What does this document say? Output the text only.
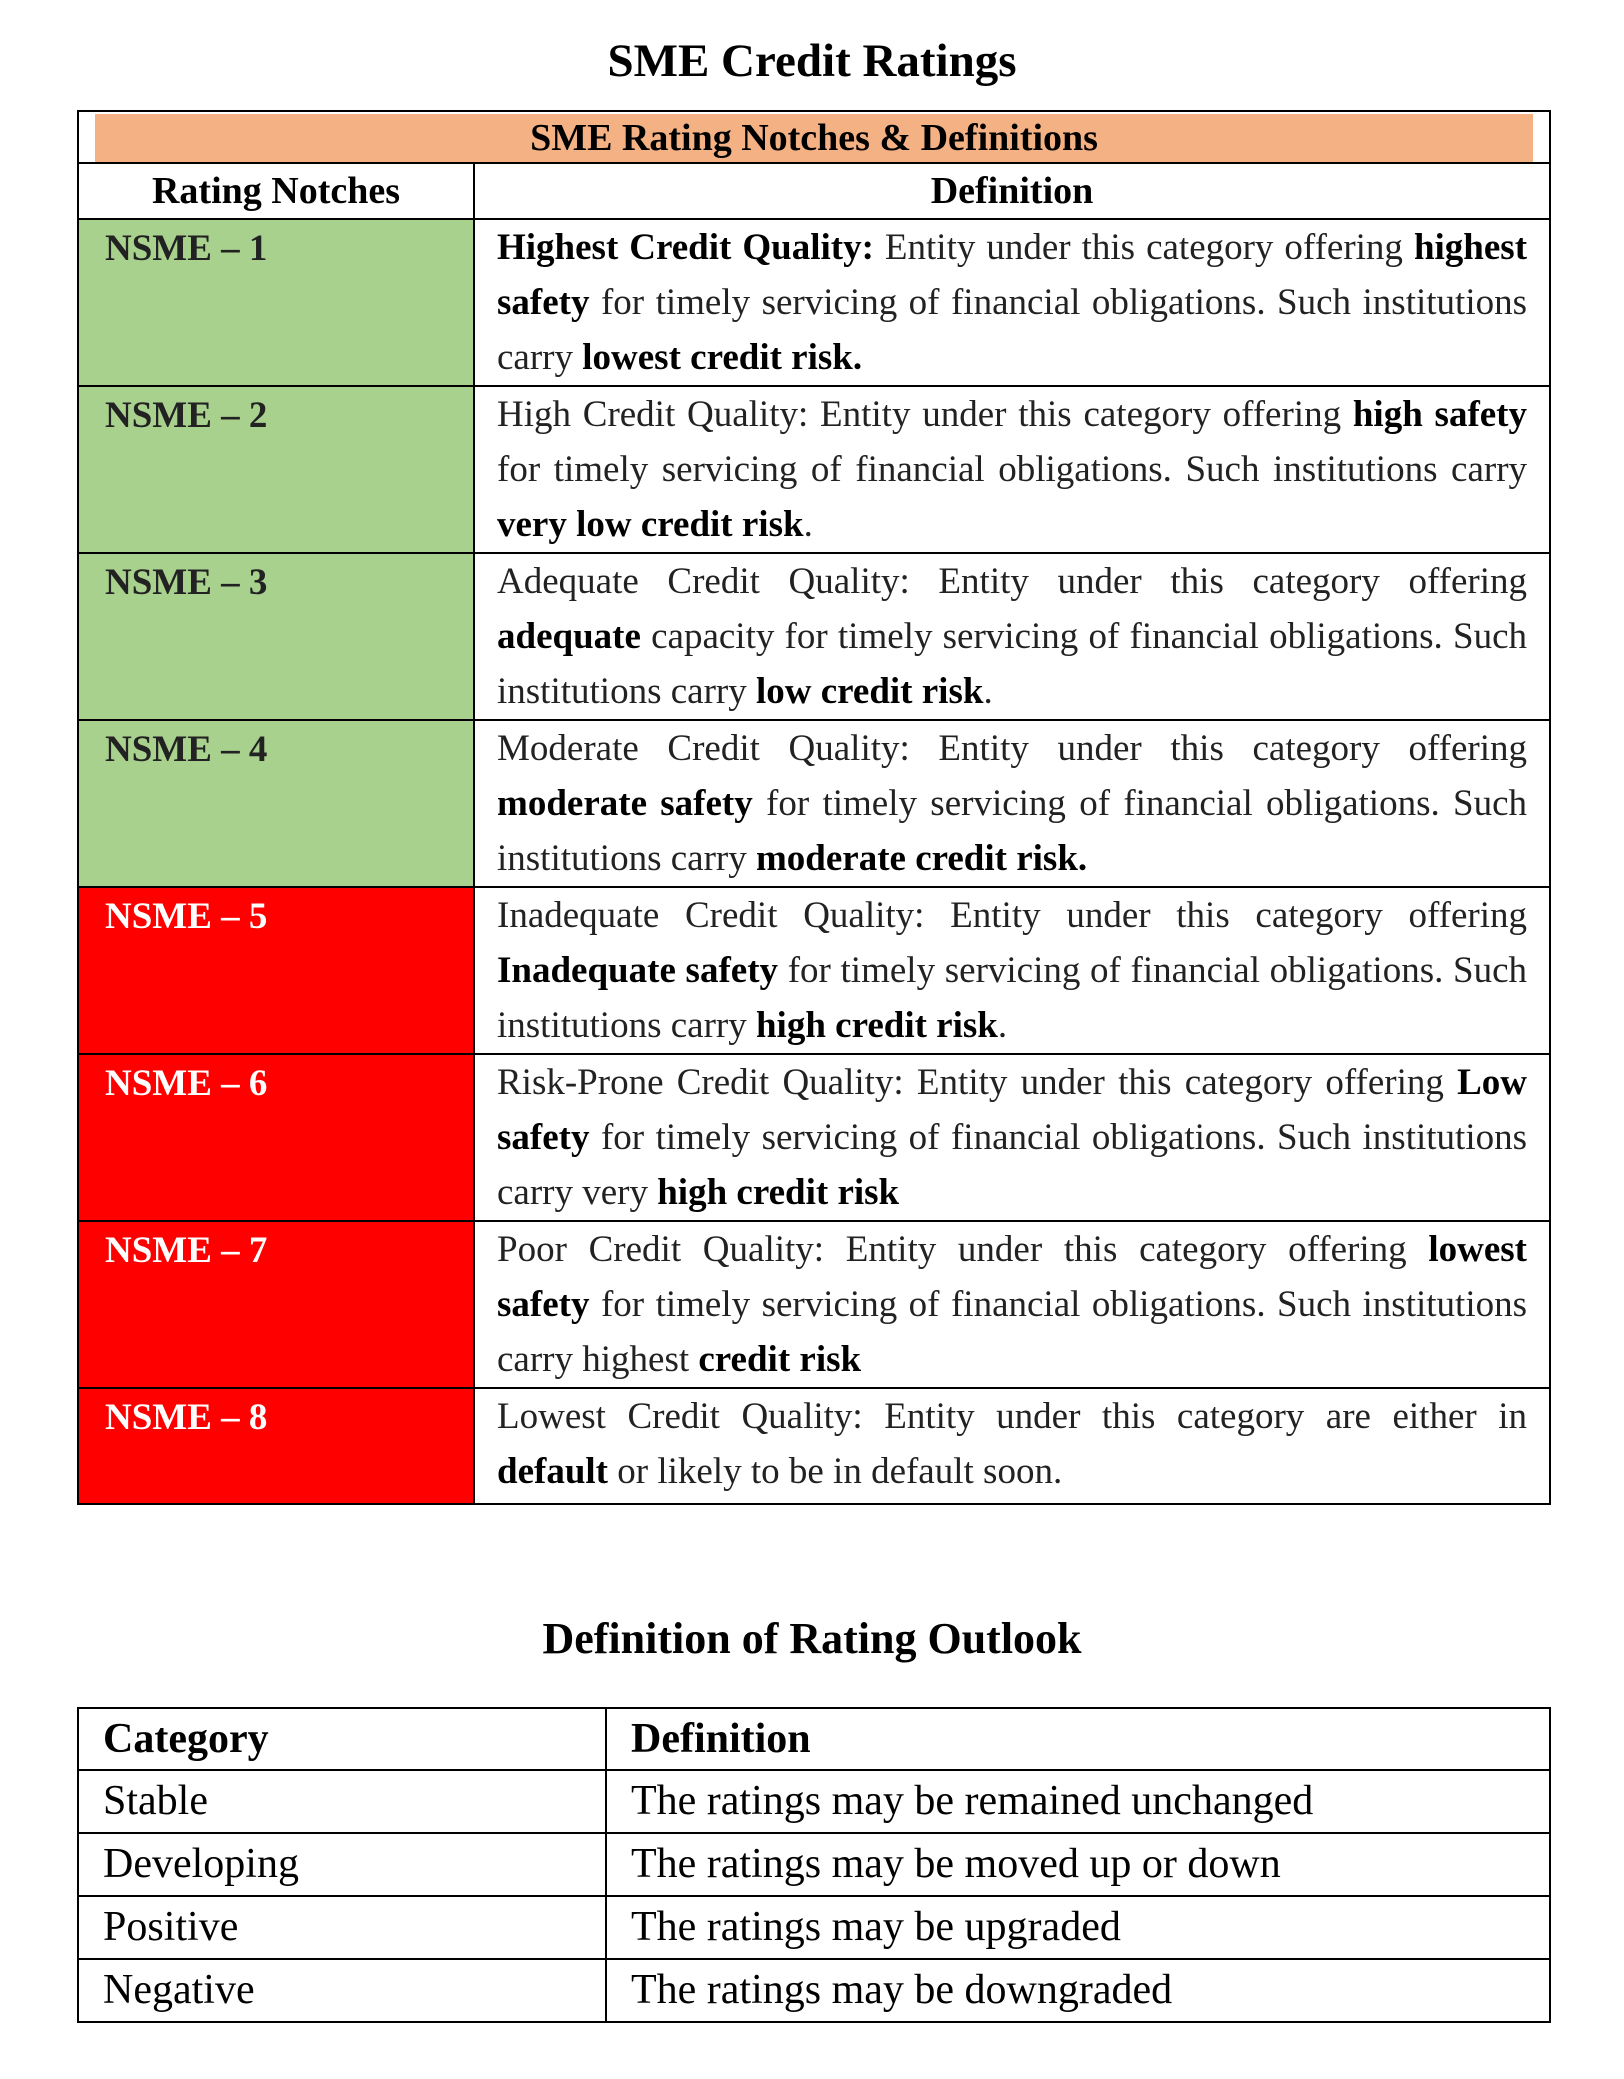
SME Credit Ratings
SME Rating Notches & Definitions	

Rating Notches	Definition
NSME – 1	Highest Credit Quality: Entity under this category offering highest safety for timely servicing of financial obligations. Such institutions carry lowest credit risk.
NSME – 2	High Credit Quality: Entity under this category offering high safety for timely servicing of financial obligations. Such institutions carry very low credit risk.
NSME – 3	Adequate Credit Quality: Entity under this category offering adequate capacity for timely servicing of financial obligations. Such institutions carry low credit risk.
NSME – 4	Moderate Credit Quality: Entity under this category offering moderate safety for timely servicing of financial obligations. Such institutions carry moderate credit risk.
NSME – 5	Inadequate Credit Quality: Entity under this category offering Inadequate safety for timely servicing of financial obligations. Such institutions carry high credit risk.
NSME – 6	Risk-Prone Credit Quality: Entity under this category offering Low safety for timely servicing of financial obligations. Such institutions carry very high credit risk
NSME – 7	Poor Credit Quality: Entity under this category offering lowest safety for timely servicing of financial obligations. Such institutions carry highest credit risk
NSME – 8	Lowest Credit Quality: Entity under this category are either in default or likely to be in default soon.
Definition of Rating Outlook
Category	Definition
Stable	The ratings may be remained unchanged
Developing	The ratings may be moved up or down
Positive	The ratings may be upgraded
Negative	The ratings may be downgraded
